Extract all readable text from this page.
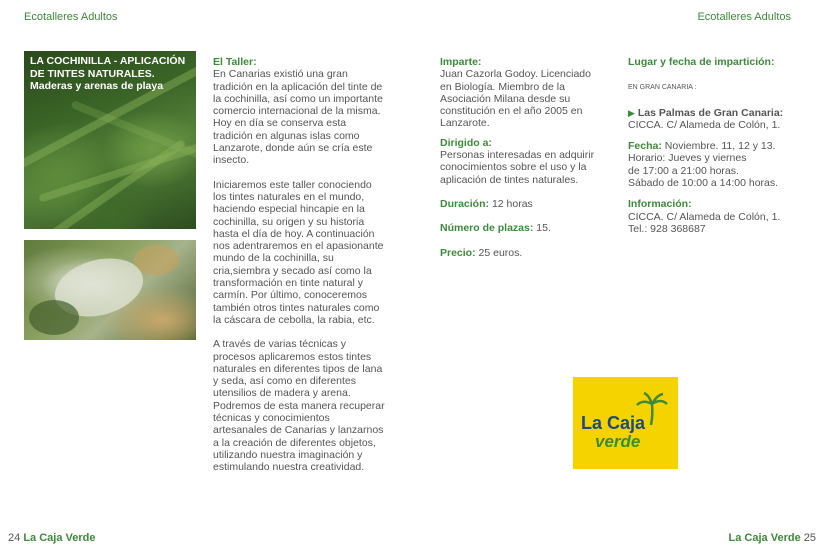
Ecotalleres Adultos	Ecotalleres Adultos
LA COCHINILLA - APLICACIÓN DE TINTES NATURALES.
Maderas y arenas de playa
El Taller:

En Canarias existió una gran tradición en la aplicación del tinte de la cochinilla, así como un importante comercio internacional de la misma. Hoy en día se conserva esta tradición en algunas islas como Lanzarote, donde aún se cría este insecto.

Iniciaremos este taller conociendo los tintes naturales en el mundo, haciendo especial hincapie en la cochinilla, su origen y su historia hasta el día de hoy. A continuación nos adentraremos en el apasionante mundo de la cochinilla, su cria,siembra y secado así como la transformación en tinte natural y carmín. Por último, conoceremos también otros tintes naturales como la cáscara de cebolla, la rabia, etc.

A través de varias técnicas y procesos aplicaremos estos tintes naturales en diferentes tipos de lana y seda, así como en diferentes utensilios de madera y arena. Podremos de esta manera recuperar técnicas y conocimientos artesanales de Canarias y lanzarnos a la creación de diferentes objetos, utilizando nuestra imaginación y estimulando nuestra creatividad.

Imparte:

Juan Cazorla Godoy. Licenciado en Biología. Miembro de la Asociación Milana desde su constitución en el año 2005 en Lanzarote.

Dirigido a:

Personas interesadas en adquirir conocimientos sobre el uso y la aplicación de tintes naturales.

Duración: 12 horas
Número de plazas: 15.
Precio: 25 euros.
Lugar y fecha de impartición:
EN GRAN CANARIA :

▶ Las Palmas de Gran Canaria:

CICCA. C/ Alameda de Colón, 1.

Fecha: Noviembre. 11, 12 y 13.

Horario: Jueves y viernes

de 17:00 a 21:00 horas.

Sábado de 10:00 a 14:00 horas.

Información:

CICCA. C/ Alameda de Colón, 1.

Tel.: 928 368687

La Caja
verde
24 La Caja Verde	La Caja Verde 25
